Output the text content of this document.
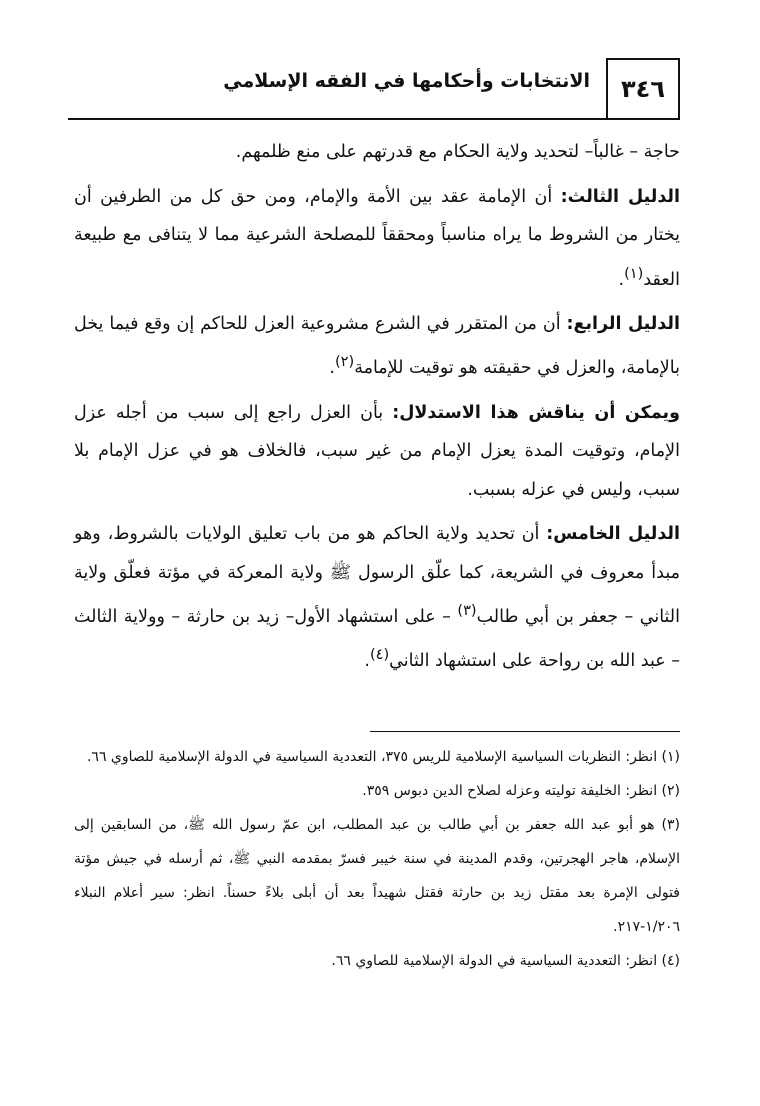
الانتخابات وأحكامها في الفقه الإسلامي	٣٤٦

حاجة – غالباً– لتحديد ولاية الحكام مع قدرتهم على منع ظلمهم.

الدليل الثالث: أن الإمامة عقد بين الأمة والإمام، ومن حق كل من الطرفين أن يختار من الشروط ما يراه مناسباً ومحققاً للمصلحة الشرعية مما لا يتنافى مع طبيعة العقد$^{(١)}$.

الدليل الرابع: أن من المتقرر في الشرع مشروعية العزل للحاكم إن وقع فيما يخل بالإمامة، والعزل في حقيقته هو توقيت للإمامة$^{(٢)}$.

ويمكن أن يناقش هذا الاستدلال: بأن العزل راجع إلى سبب من أجله عزل الإمام، وتوقيت المدة يعزل الإمام من غير سبب، فالخلاف هو في عزل الإمام بلا سبب، وليس في عزله بسبب.

الدليل الخامس: أن تحديد ولاية الحاكم هو من باب تعليق الولايات بالشروط، وهو مبدأ معروف في الشريعة، كما علّق الرسول ﷺ ولاية المعركة في مؤتة فعلّق ولاية الثاني – جعفر بن أبي طالب$^{(٣)}$ – على استشهاد الأول– زيد بن حارثة – وولاية الثالث – عبد الله بن رواحة على استشهاد الثاني$^{(٤)}$.

(١) انظر: النظريات السياسية الإسلامية للريس ٣٧٥، التعددية السياسية في الدولة الإسلامية للصاوي ٦٦.

(٢) انظر: الخليفة توليته وعزله لصلاح الدين دبوس ٣٥٩.

(٣) هو أبو عبد الله جعفر بن أبي طالب بن عبد المطلب، ابن عمّ رسول الله ﷺ، من السابقين إلى الإسلام، هاجر الهجرتين، وقدم المدينة في سنة خيبر فسرّ بمقدمه النبي ﷺ، ثم أرسله في جيش مؤتة فتولى الإمرة بعد مقتل زيد بن حارثة فقتل شهيداً بعد أن أبلى بلاءً حسناً. انظر: سير أعلام النبلاء ١/٢٠٦-٢١٧.

(٤) انظر: التعددية السياسية في الدولة الإسلامية للصاوي ٦٦.
